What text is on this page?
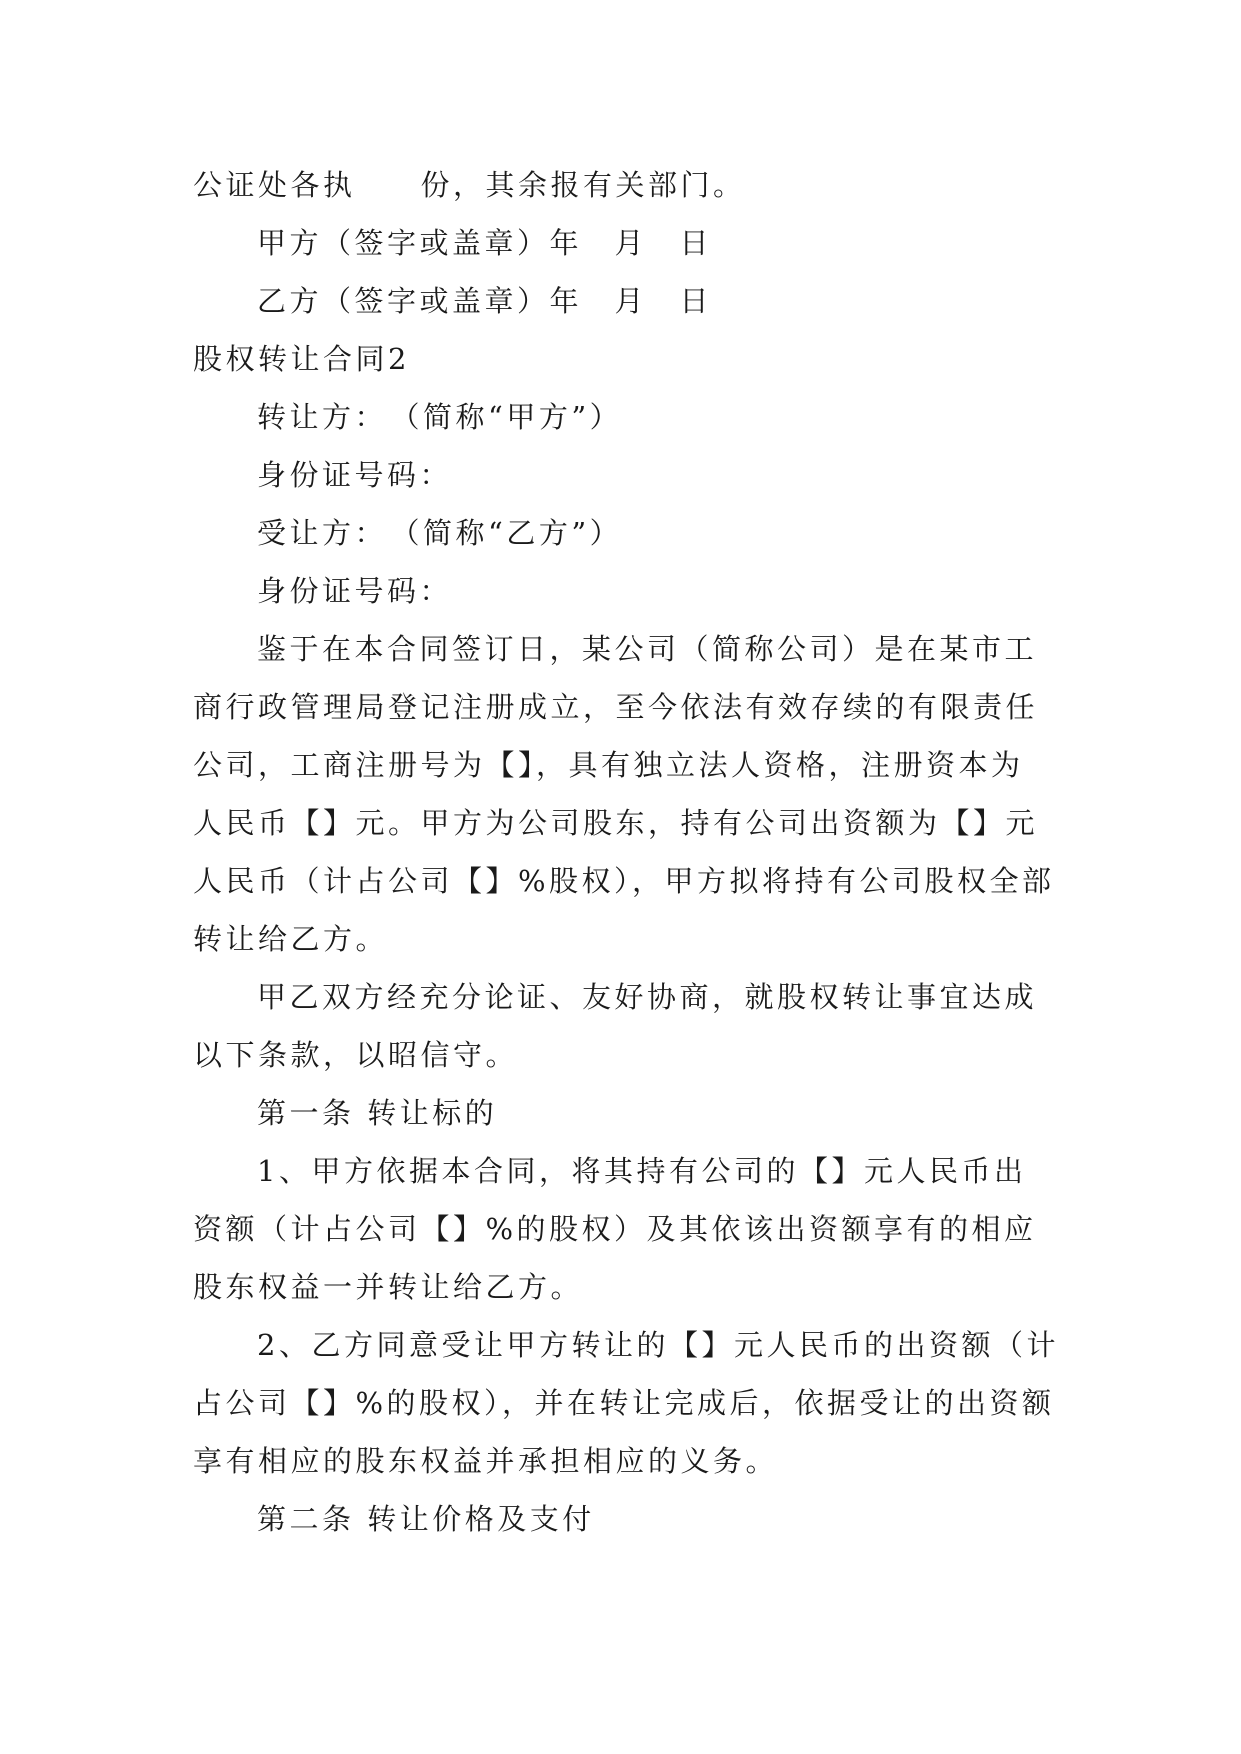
公证处各执　　份，其余报有关部门。
甲方（签字或盖章）年　月　日
乙方（签字或盖章）年　月　日
股权转让合同2
转让方：　（简称“甲方”）
身份证号码：
受让方：　（简称“乙方”）
身份证号码：
鉴于在本合同签订日，某公司（简称公司）是在某市工
商行政管理局登记注册成立，至今依法有效存续的有限责任
公司，工商注册号为【】，具有独立法人资格，注册资本为
人民币【】元。甲方为公司股东，持有公司出资额为【】元
人民币（计占公司【】%股权），甲方拟将持有公司股权全部
转让给乙方。
甲乙双方经充分论证、友好协商，就股权转让事宜达成
以下条款，以昭信守。
第一条 转让标的
1、甲方依据本合同，将其持有公司的【】元人民币出
资额（计占公司【】%的股权）及其依该出资额享有的相应
股东权益一并转让给乙方。
2、乙方同意受让甲方转让的【】元人民币的出资额（计
占公司【】%的股权），并在转让完成后，依据受让的出资额
享有相应的股东权益并承担相应的义务。
第二条 转让价格及支付
